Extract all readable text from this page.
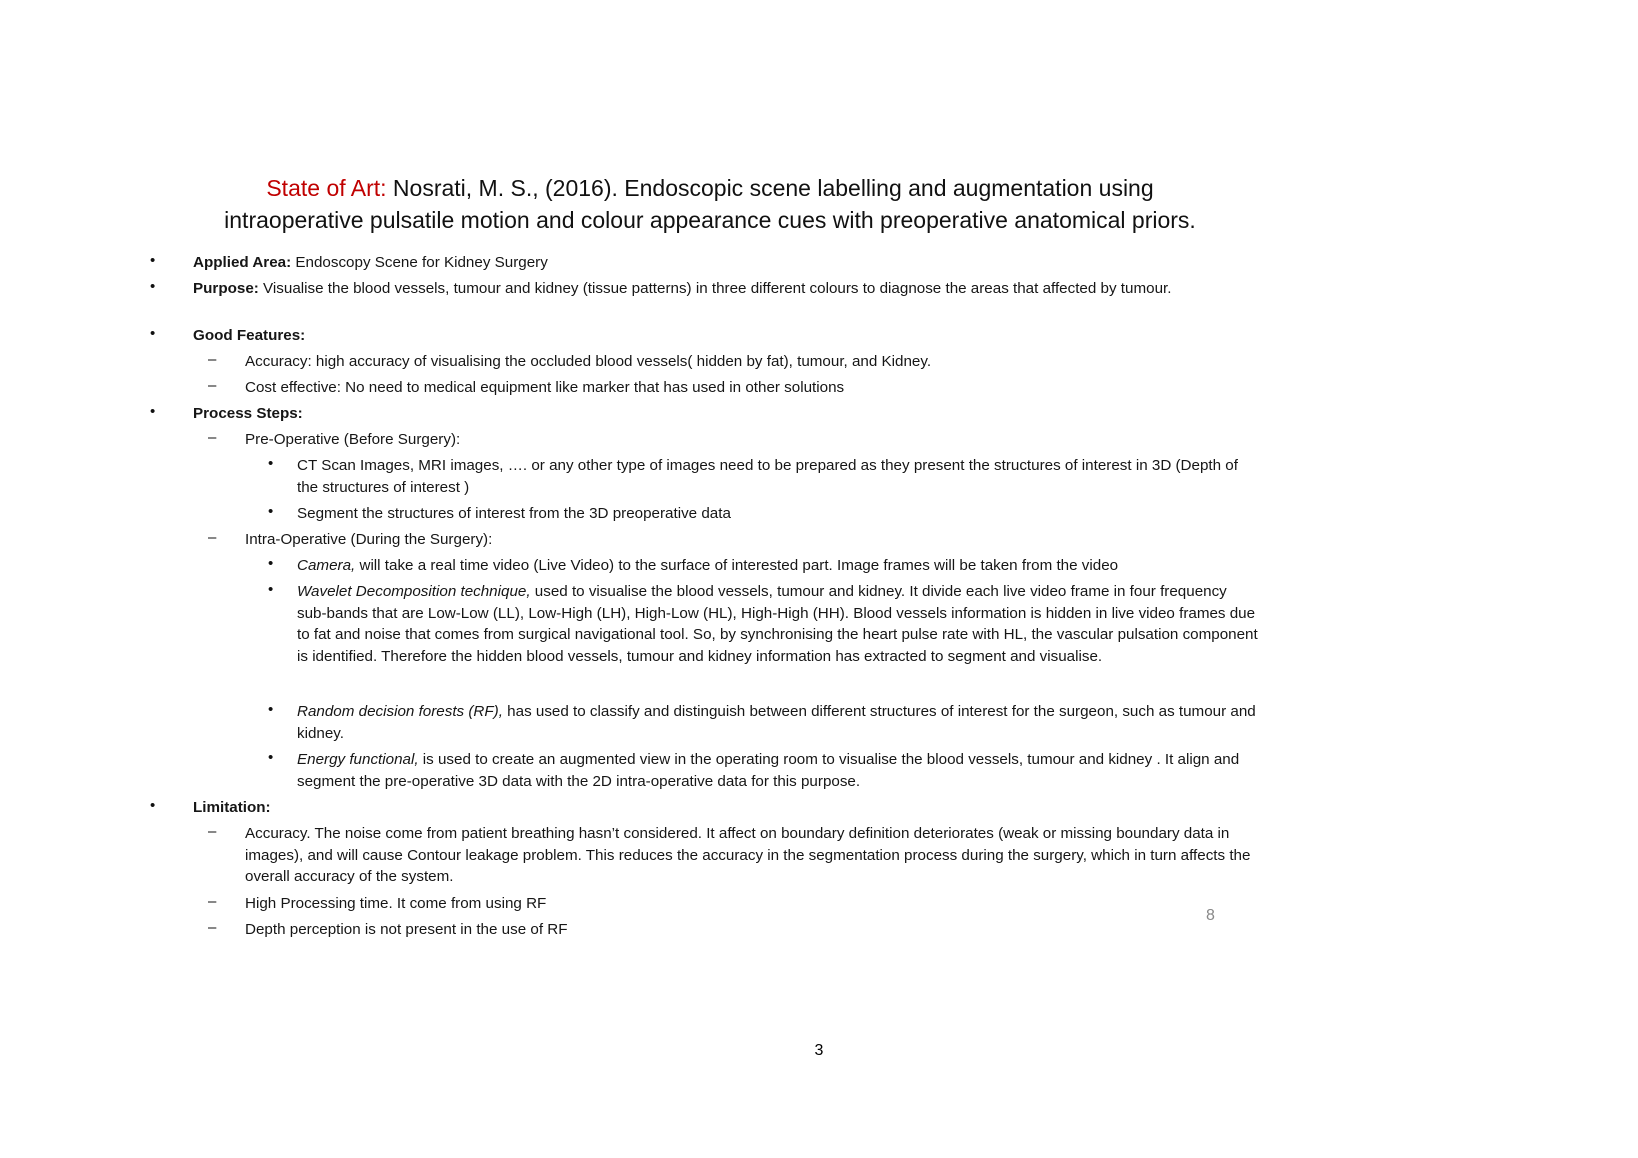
State of Art: Nosrati, M. S., (2016). Endoscopic scene labelling and augmentation using
intraoperative pulsatile motion and colour appearance cues with preoperative anatomical priors.
• Applied Area: Endoscopy Scene for Kidney Surgery
• Purpose: Visualise the blood vessels, tumour and kidney (tissue patterns) in three different colours to diagnose the areas that affected by tumour.
• Good Features:
– Accuracy: high accuracy of visualising the occluded blood vessels( hidden by fat), tumour, and Kidney.
– Cost effective: No need to medical equipment like marker that has used in other solutions
• Process Steps:
– Pre-Operative (Before Surgery):
• CT Scan Images, MRI images, …. or any other type of images need to be prepared as they present the structures of interest in 3D (Depth of the structures of interest )
• Segment the structures of interest from the 3D preoperative data
– Intra-Operative (During the Surgery):
• Camera, will take a real time video (Live Video) to the surface of interested part. Image frames will be taken from the video
• Wavelet Decomposition technique, used to visualise the blood vessels, tumour and kidney. It divide each live video frame in four frequency sub-bands that are Low-Low (LL), Low-High (LH), High-Low (HL), High-High (HH). Blood vessels information is hidden in live video frames due to fat and noise that comes from surgical navigational tool. So, by synchronising the heart pulse rate with HL, the vascular pulsation component is identified. Therefore the hidden blood vessels, tumour and kidney information has extracted to segment and visualise.
• Random decision forests (RF), has used to classify and distinguish between different structures of interest for the surgeon, such as tumour and kidney.
• Energy functional, is used to create an augmented view in the operating room to visualise the blood vessels, tumour and kidney . It align and segment the pre-operative 3D data with the 2D intra-operative data for this purpose.
• Limitation:
– Accuracy. The noise come from patient breathing hasn’t considered. It affect on boundary definition deteriorates (weak or missing boundary data in images), and will cause Contour leakage problem. This reduces the accuracy in the segmentation process during the surgery, which in turn affects the overall accuracy of the system.
– High Processing time. It come from using RF
– Depth perception is not present in the use of RF
8
3
